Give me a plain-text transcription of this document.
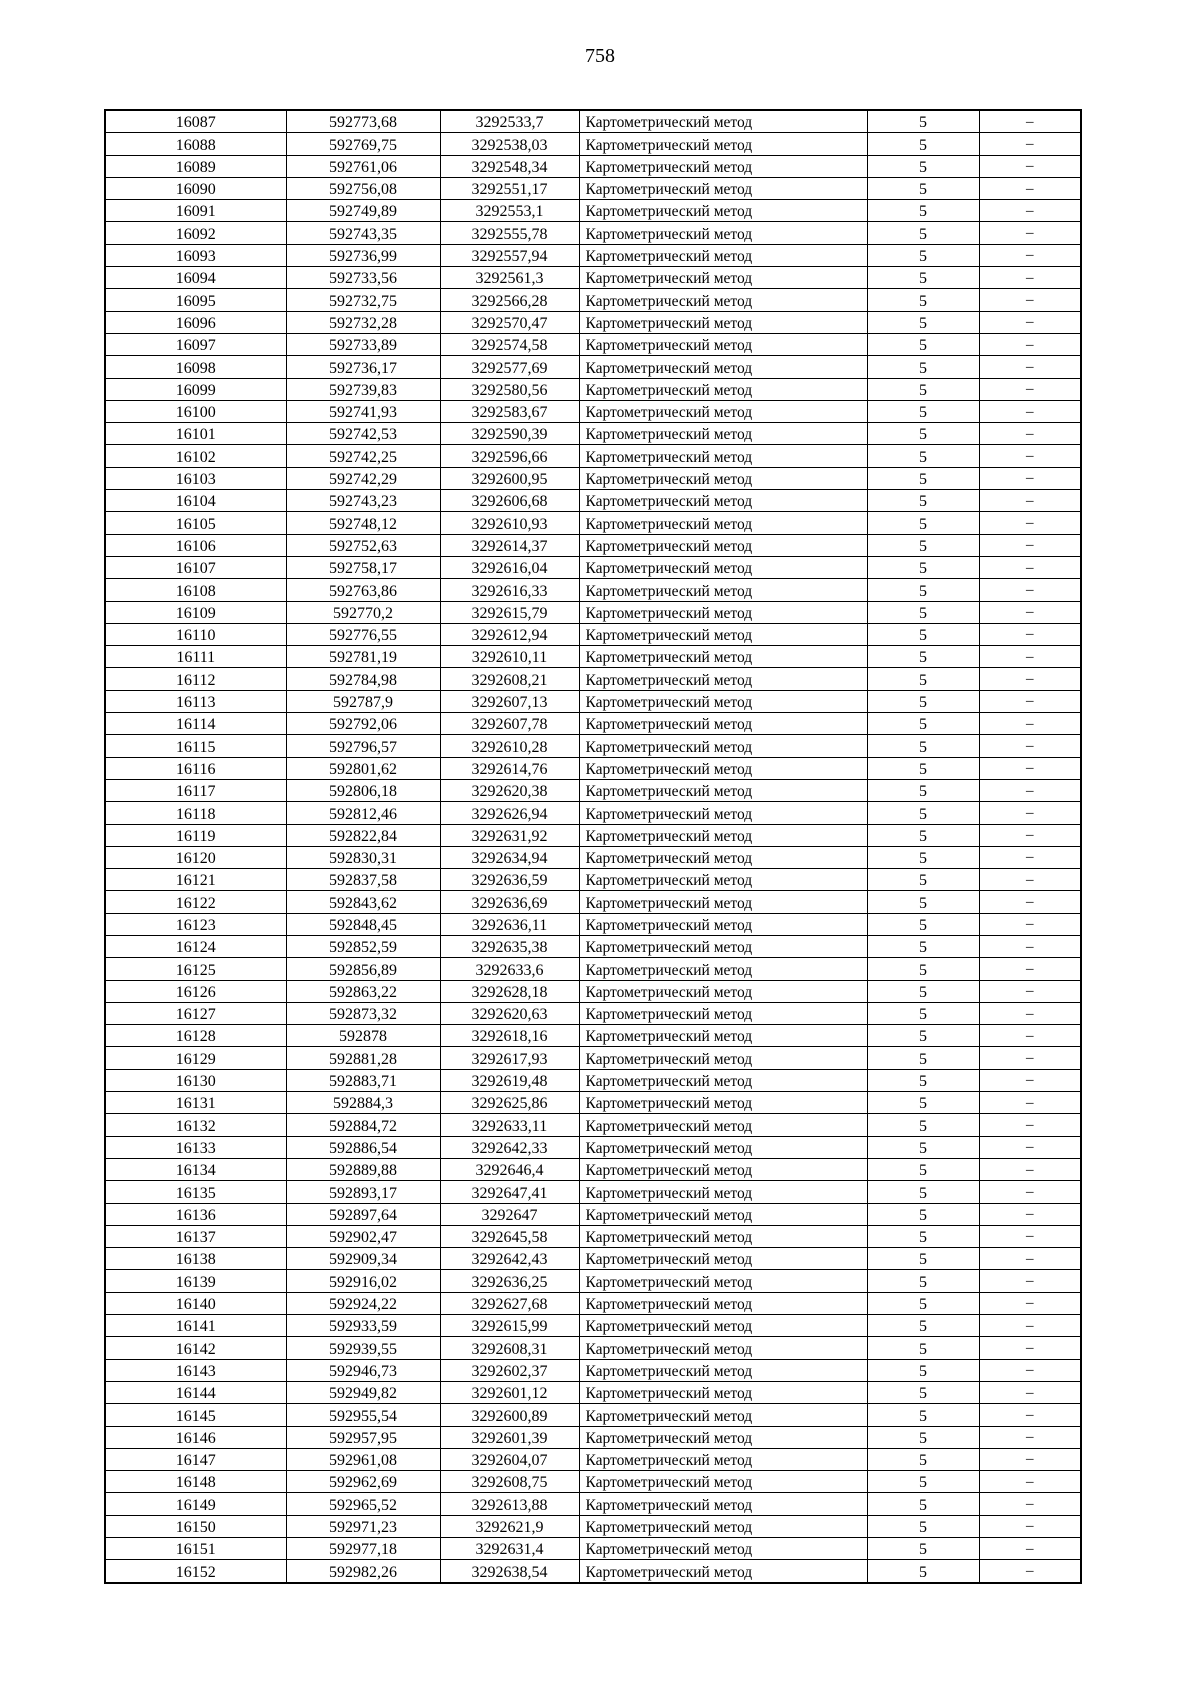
758
16087	592773,68	3292533,7	Картометрический метод	5	–
16088	592769,75	3292538,03	Картометрический метод	5	–
16089	592761,06	3292548,34	Картометрический метод	5	–
16090	592756,08	3292551,17	Картометрический метод	5	–
16091	592749,89	3292553,1	Картометрический метод	5	–
16092	592743,35	3292555,78	Картометрический метод	5	–
16093	592736,99	3292557,94	Картометрический метод	5	–
16094	592733,56	3292561,3	Картометрический метод	5	–
16095	592732,75	3292566,28	Картометрический метод	5	–
16096	592732,28	3292570,47	Картометрический метод	5	–
16097	592733,89	3292574,58	Картометрический метод	5	–
16098	592736,17	3292577,69	Картометрический метод	5	–
16099	592739,83	3292580,56	Картометрический метод	5	–
16100	592741,93	3292583,67	Картометрический метод	5	–
16101	592742,53	3292590,39	Картометрический метод	5	–
16102	592742,25	3292596,66	Картометрический метод	5	–
16103	592742,29	3292600,95	Картометрический метод	5	–
16104	592743,23	3292606,68	Картометрический метод	5	–
16105	592748,12	3292610,93	Картометрический метод	5	–
16106	592752,63	3292614,37	Картометрический метод	5	–
16107	592758,17	3292616,04	Картометрический метод	5	–
16108	592763,86	3292616,33	Картометрический метод	5	–
16109	592770,2	3292615,79	Картометрический метод	5	–
16110	592776,55	3292612,94	Картометрический метод	5	–
16111	592781,19	3292610,11	Картометрический метод	5	–
16112	592784,98	3292608,21	Картометрический метод	5	–
16113	592787,9	3292607,13	Картометрический метод	5	–
16114	592792,06	3292607,78	Картометрический метод	5	–
16115	592796,57	3292610,28	Картометрический метод	5	–
16116	592801,62	3292614,76	Картометрический метод	5	–
16117	592806,18	3292620,38	Картометрический метод	5	–
16118	592812,46	3292626,94	Картометрический метод	5	–
16119	592822,84	3292631,92	Картометрический метод	5	–
16120	592830,31	3292634,94	Картометрический метод	5	–
16121	592837,58	3292636,59	Картометрический метод	5	–
16122	592843,62	3292636,69	Картометрический метод	5	–
16123	592848,45	3292636,11	Картометрический метод	5	–
16124	592852,59	3292635,38	Картометрический метод	5	–
16125	592856,89	3292633,6	Картометрический метод	5	–
16126	592863,22	3292628,18	Картометрический метод	5	–
16127	592873,32	3292620,63	Картометрический метод	5	–
16128	592878	3292618,16	Картометрический метод	5	–
16129	592881,28	3292617,93	Картометрический метод	5	–
16130	592883,71	3292619,48	Картометрический метод	5	–
16131	592884,3	3292625,86	Картометрический метод	5	–
16132	592884,72	3292633,11	Картометрический метод	5	–
16133	592886,54	3292642,33	Картометрический метод	5	–
16134	592889,88	3292646,4	Картометрический метод	5	–
16135	592893,17	3292647,41	Картометрический метод	5	–
16136	592897,64	3292647	Картометрический метод	5	–
16137	592902,47	3292645,58	Картометрический метод	5	–
16138	592909,34	3292642,43	Картометрический метод	5	–
16139	592916,02	3292636,25	Картометрический метод	5	–
16140	592924,22	3292627,68	Картометрический метод	5	–
16141	592933,59	3292615,99	Картометрический метод	5	–
16142	592939,55	3292608,31	Картометрический метод	5	–
16143	592946,73	3292602,37	Картометрический метод	5	–
16144	592949,82	3292601,12	Картометрический метод	5	–
16145	592955,54	3292600,89	Картометрический метод	5	–
16146	592957,95	3292601,39	Картометрический метод	5	–
16147	592961,08	3292604,07	Картометрический метод	5	–
16148	592962,69	3292608,75	Картометрический метод	5	–
16149	592965,52	3292613,88	Картометрический метод	5	–
16150	592971,23	3292621,9	Картометрический метод	5	–
16151	592977,18	3292631,4	Картометрический метод	5	–
16152	592982,26	3292638,54	Картометрический метод	5	–
